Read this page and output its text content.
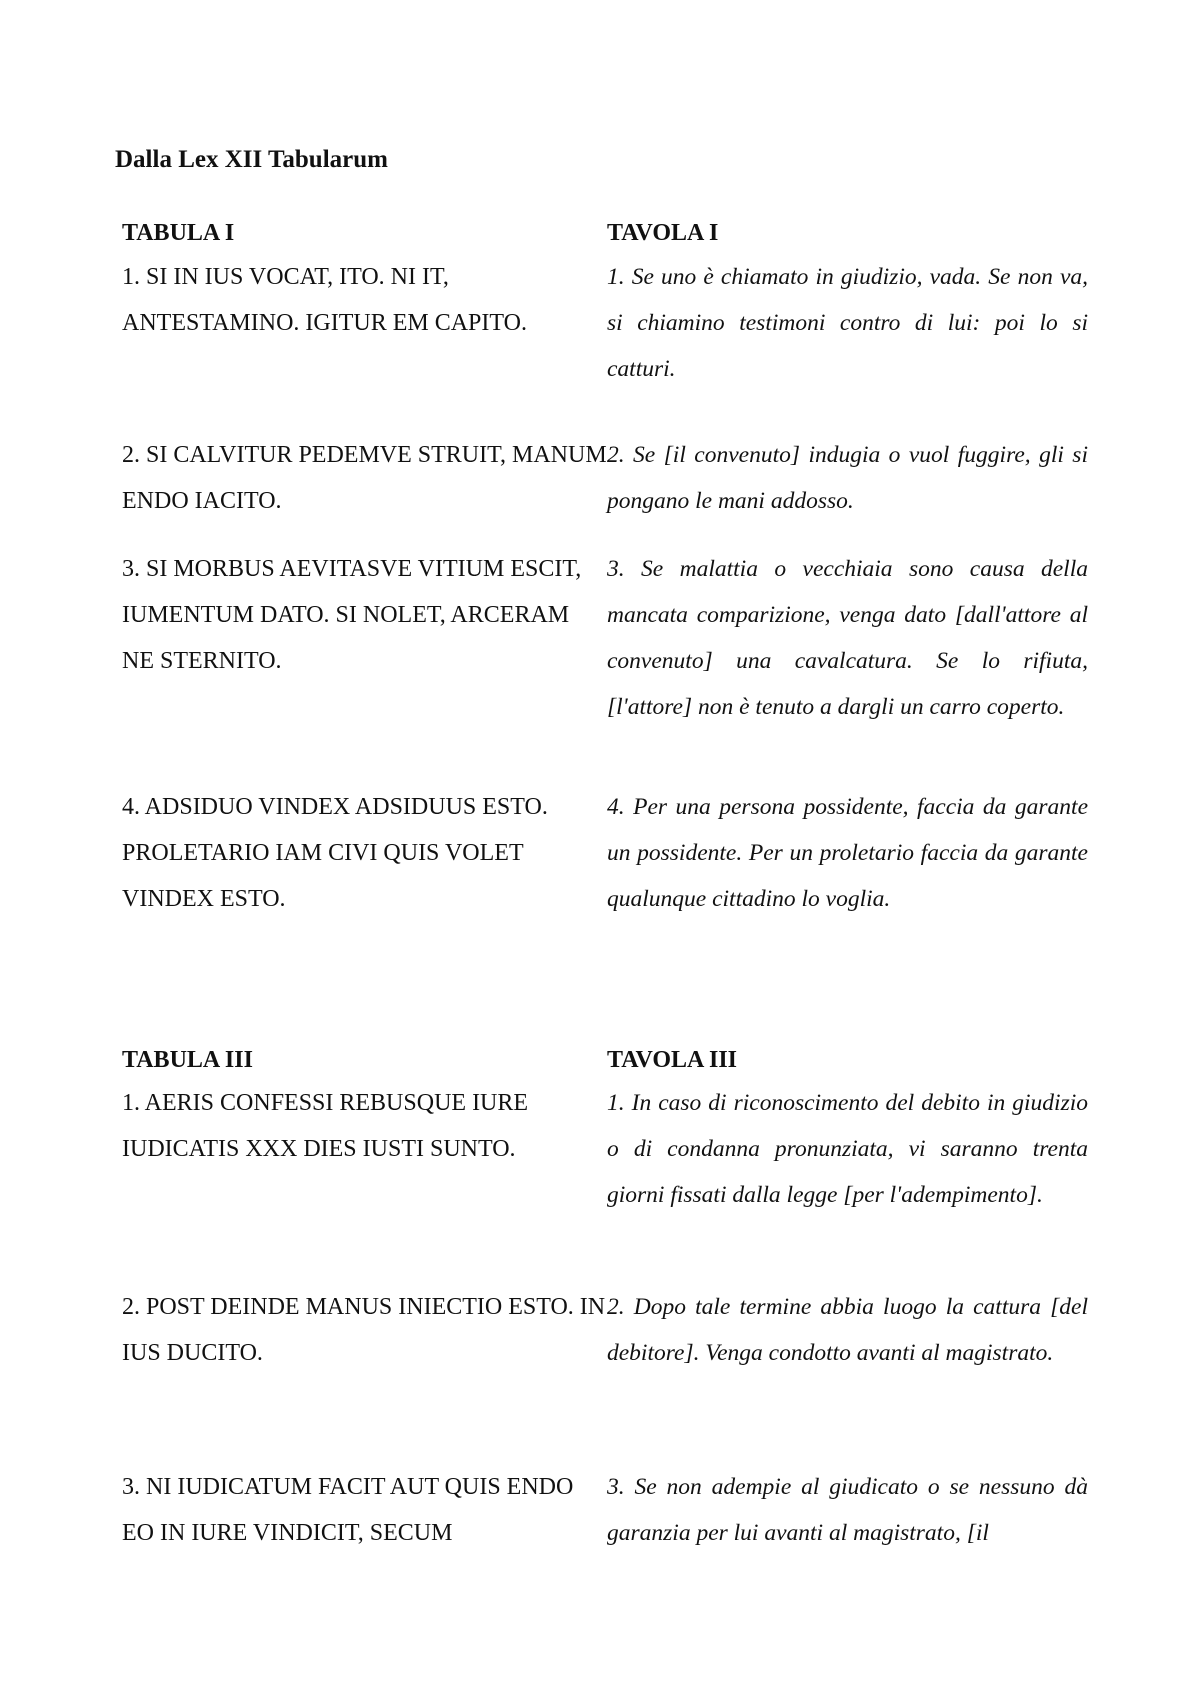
Dalla Lex XII Tabularum
TABULA I	TAVOLA I
1. SI IN IUS VOCAT, ITO. NI IT, ANTESTAMINO. IGITUR EM CAPITO.
1. Se uno è chiamato in giudizio, vada. Se non va, si chiamino testimoni contro di lui: poi lo si catturi.
2. SI CALVITUR PEDEMVE STRUIT, MANUM ENDO IACITO.
2. Se [il convenuto] indugia o vuol fuggire, gli si pongano le mani addosso.
3. SI MORBUS AEVITASVE VITIUM ESCIT, IUMENTUM DATO. SI NOLET, ARCERAM NE STERNITO.
3. Se malattia o vecchiaia sono causa della mancata comparizione, venga dato [dall'attore al convenuto] una cavalcatura. Se lo rifiuta, [l'attore] non è tenuto a dargli un carro coperto.
4. ADSIDUO VINDEX ADSIDUUS ESTO. PROLETARIO IAM CIVI QUIS VOLET VINDEX ESTO.
4. Per una persona possidente, faccia da garante un possidente. Per un proletario faccia da garante qualunque cittadino lo voglia.
TABULA III	TAVOLA III
1. AERIS CONFESSI REBUSQUE IURE IUDICATIS XXX DIES IUSTI SUNTO.
1. In caso di riconoscimento del debito in giudizio o di condanna pronunziata, vi saranno trenta giorni fissati dalla legge [per l'adempimento].
2. POST DEINDE MANUS INIECTIO ESTO. IN IUS DUCITO.
2. Dopo tale termine abbia luogo la cattura [del debitore]. Venga condotto avanti al magistrato.
3. NI IUDICATUM FACIT AUT QUIS ENDO EO IN IURE VINDICIT, SECUM
3. Se non adempie al giudicato o se nessuno dà garanzia per lui avanti al magistrato, [il
